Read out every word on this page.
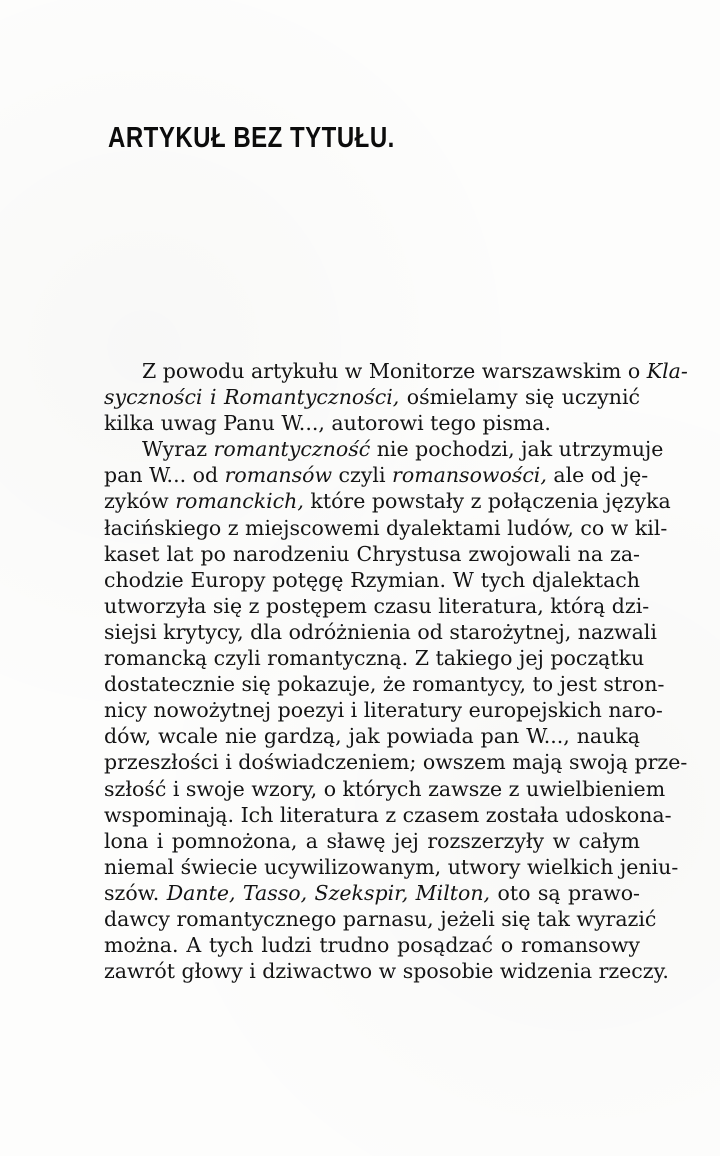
ARTYKUŁ BEZ TYTUŁU.
Z powodu artykułu w Monitorze warszawskim o Kla-
syczności i Romantyczności, ośmielamy się uczynić
kilka uwag Panu W..., autorowi tego pisma.
Wyraz romantyczność nie pochodzi, jak utrzymuje
pan W... od romansów czyli romansowości, ale od ję-
zyków romanckich, które powstały z połączenia języka
łacińskiego z miejscowemi dyalektami ludów, co w kil-
kaset lat po narodzeniu Chrystusa zwojowali na za-
chodzie Europy potęgę Rzymian. W tych djalektach
utworzyła się z postępem czasu literatura, którą dzi-
siejsi krytycy, dla odróżnienia od starożytnej, nazwali
romancką czyli romantyczną. Z takiego jej początku
dostatecznie się pokazuje, że romantycy, to jest stron-
nicy nowożytnej poezyi i literatury europejskich naro-
dów, wcale nie gardzą, jak powiada pan W..., nauką
przeszłości i doświadczeniem; owszem mają swoją prze-
szłość i swoje wzory, o których zawsze z uwielbieniem
wspominają. Ich literatura z czasem została udoskona-
lona i pomnożona, a sławę jej rozszerzyły w całym
niemal świecie ucywilizowanym, utwory wielkich jeniu-
szów. Dante, Tasso, Szekspir, Milton, oto są prawo-
dawcy romantycznego parnasu, jeżeli się tak wyrazić
można. A tych ludzi trudno posądzać o romansowy
zawrót głowy i dziwactwo w sposobie widzenia rzeczy.
